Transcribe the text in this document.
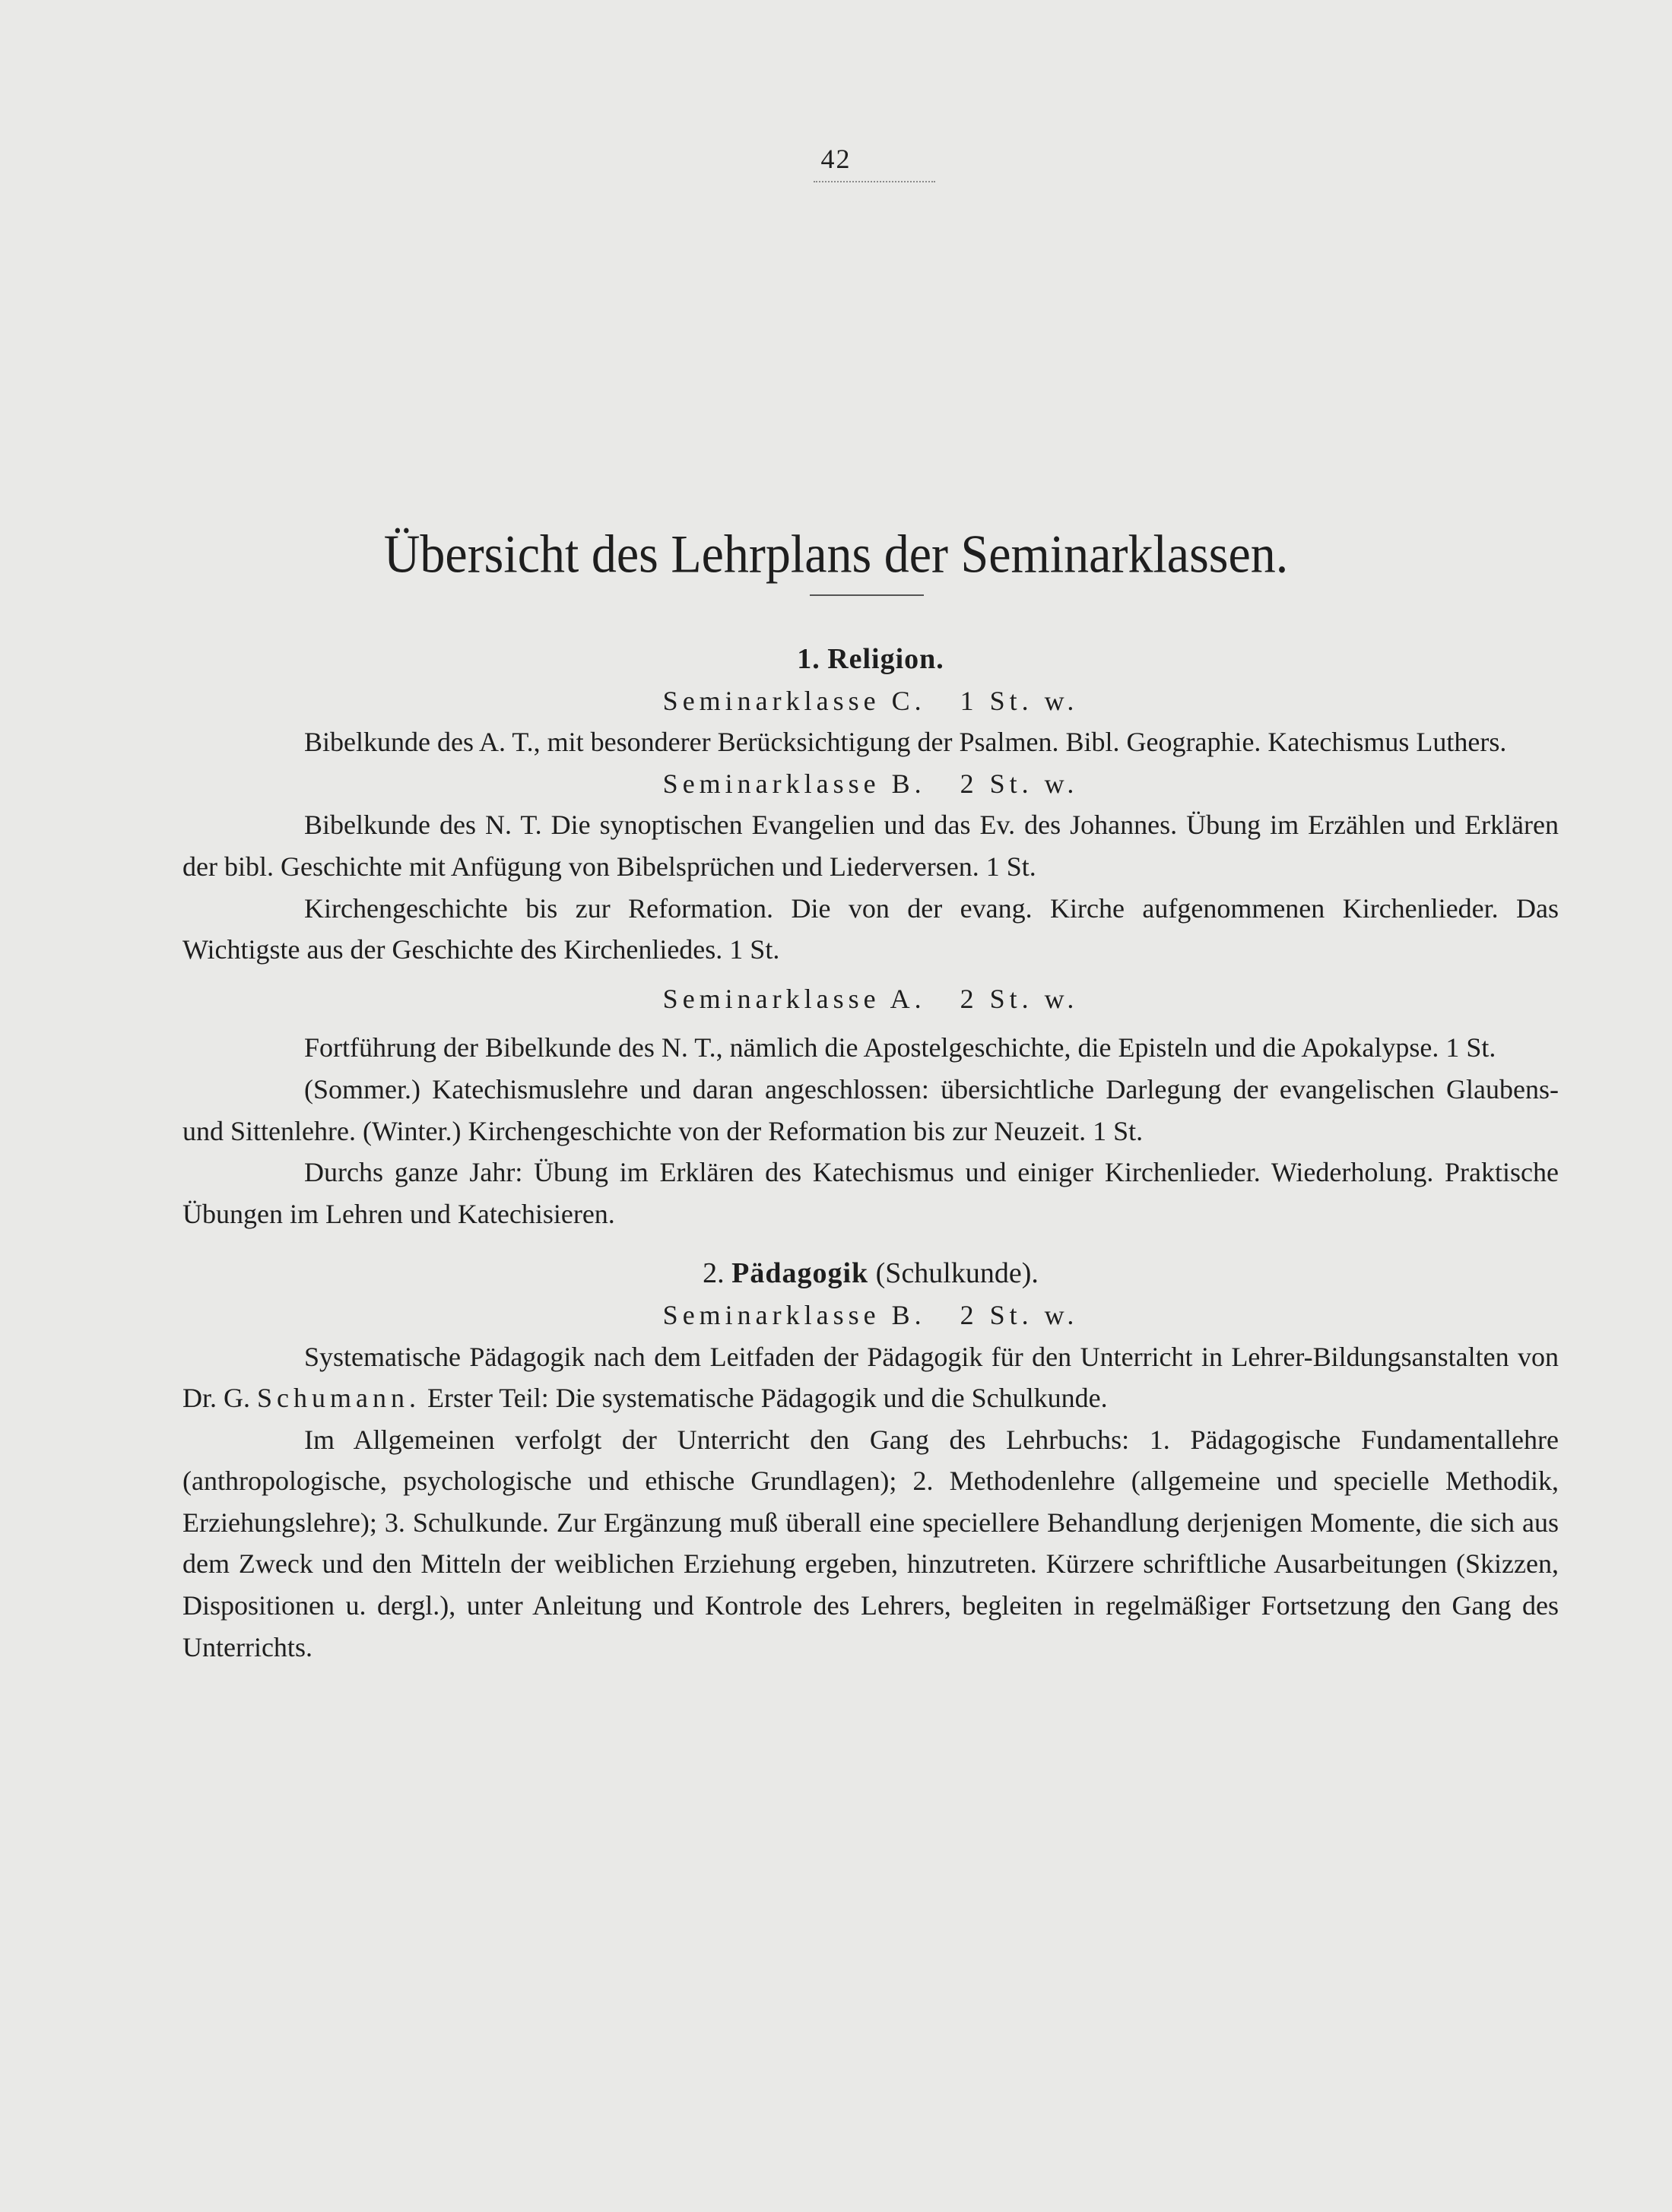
42
Übersicht des Lehrplans der Seminarklassen.

1. Religion.

Seminarklasse C. 1 St. w.

Bibelkunde des A. T., mit besonderer Berücksichtigung der Psalmen. Bibl. Geographie. Katechismus Luthers.

Seminarklasse B. 2 St. w.

Bibelkunde des N. T. Die synoptischen Evangelien und das Ev. des Johannes. Übung im Erzählen und Erklären der bibl. Geschichte mit Anfügung von Bibelsprüchen und Liederversen. 1 St.

Kirchengeschichte bis zur Reformation. Die von der evang. Kirche aufgenommenen Kirchenlieder. Das Wichtigste aus der Geschichte des Kirchenliedes. 1 St.

Seminarklasse A. 2 St. w.

Fortführung der Bibelkunde des N. T., nämlich die Apostelgeschichte, die Episteln und die Apokalypse. 1 St.

(Sommer.) Katechismuslehre und daran angeschlossen: übersichtliche Darlegung der evangelischen Glaubens- und Sittenlehre. (Winter.) Kirchengeschichte von der Reformation bis zur Neuzeit. 1 St.

Durchs ganze Jahr: Übung im Erklären des Katechismus und einiger Kirchenlieder. Wiederholung. Praktische Übungen im Lehren und Katechisieren.

2. Pädagogik (Schulkunde).

Seminarklasse B. 2 St. w.

Systematische Pädagogik nach dem Leitfaden der Pädagogik für den Unterricht in Lehrer-Bildungsanstalten von Dr. G. Schumann. Erster Teil: Die systematische Pädagogik und die Schulkunde.

Im Allgemeinen verfolgt der Unterricht den Gang des Lehrbuchs: 1. Pädagogische Fundamentallehre (anthropologische, psychologische und ethische Grundlagen); 2. Methodenlehre (allgemeine und specielle Methodik, Erziehungslehre); 3. Schulkunde. Zur Ergänzung muß überall eine speciellere Behandlung derjenigen Momente, die sich aus dem Zweck und den Mitteln der weiblichen Erziehung ergeben, hinzutreten. Kürzere schriftliche Ausarbeitungen (Skizzen, Dispositionen u. dergl.), unter Anleitung und Kontrole des Lehrers, begleiten in regelmäßiger Fortsetzung den Gang des Unterrichts.
